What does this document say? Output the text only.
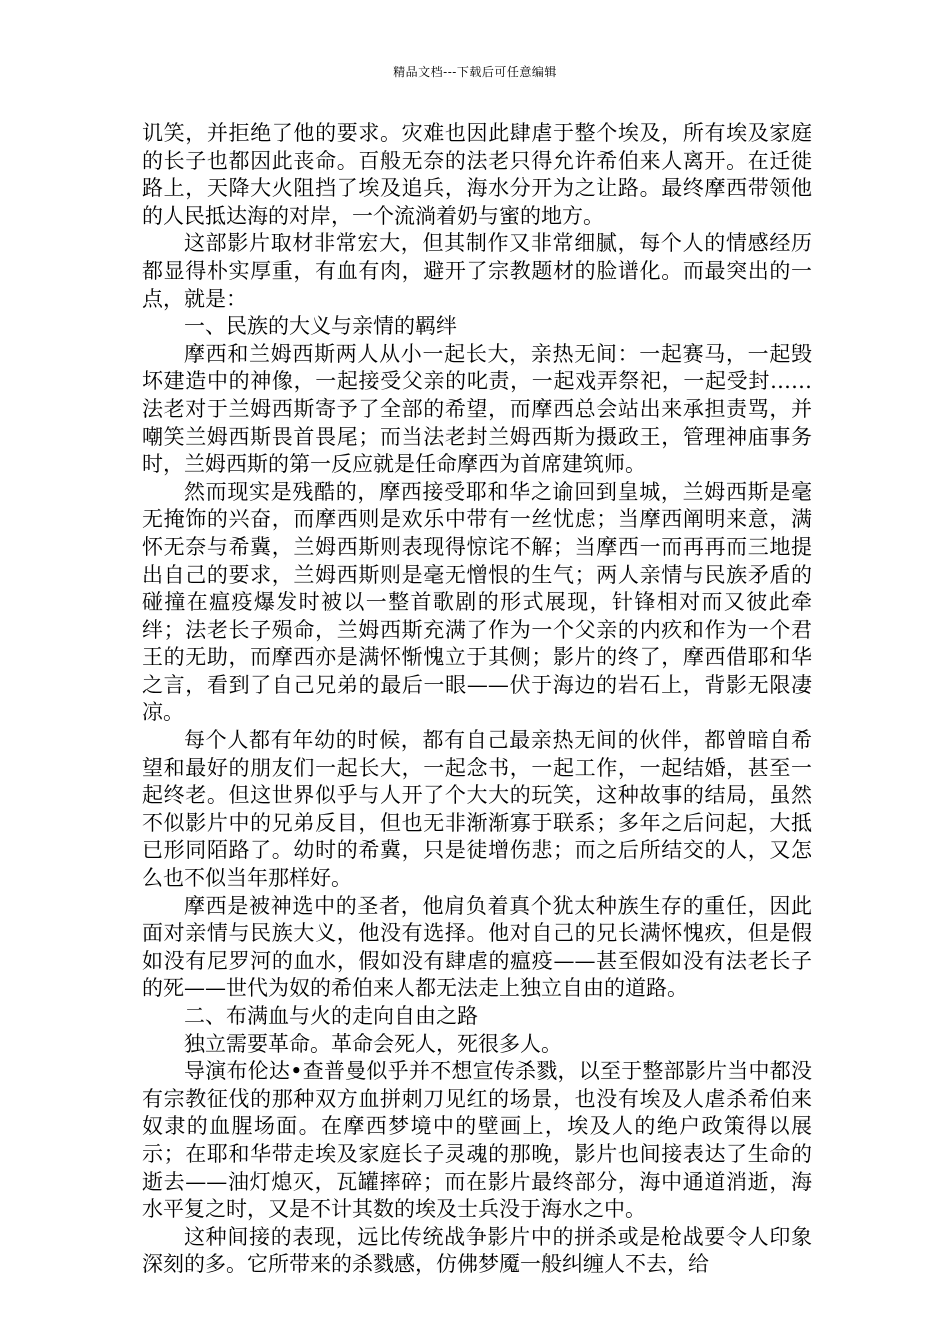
精品文档---下载后可任意编辑

讥笑，并拒绝了他的要求。灾难也因此肆虐于整个埃及，所有埃及家庭的长子也都因此丧命。百般无奈的法老只得允许希伯来人离开。在迁徙路上，天降大火阻挡了埃及追兵，海水分开为之让路。最终摩西带领他的人民抵达海的对岸，一个流淌着奶与蜜的地方。

这部影片取材非常宏大，但其制作又非常细腻，每个人的情感经历都显得朴实厚重，有血有肉，避开了宗教题材的脸谱化。而最突出的一点，就是：

一、民族的大义与亲情的羁绊

摩西和兰姆西斯两人从小一起长大，亲热无间：一起赛马，一起毁坏建造中的神像，一起接受父亲的叱责，一起戏弄祭祀，一起受封……法老对于兰姆西斯寄予了全部的希望，而摩西总会站出来承担责骂，并嘲笑兰姆西斯畏首畏尾；而当法老封兰姆西斯为摄政王，管理神庙事务时，兰姆西斯的第一反应就是任命摩西为首席建筑师。

然而现实是残酷的，摩西接受耶和华之谕回到皇城，兰姆西斯是毫无掩饰的兴奋，而摩西则是欢乐中带有一丝忧虑；当摩西阐明来意，满怀无奈与希冀，兰姆西斯则表现得惊诧不解；当摩西一而再再而三地提出自己的要求，兰姆西斯则是毫无憎恨的生气；两人亲情与民族矛盾的碰撞在瘟疫爆发时被以一整首歌剧的形式展现，针锋相对而又彼此牵绊；法老长子殒命，兰姆西斯充满了作为一个父亲的内疚和作为一个君王的无助，而摩西亦是满怀惭愧立于其侧；影片的终了，摩西借耶和华之言，看到了自己兄弟的最后一眼——伏于海边的岩石上，背影无限凄凉。

每个人都有年幼的时候，都有自己最亲热无间的伙伴，都曾暗自希望和最好的朋友们一起长大，一起念书，一起工作，一起结婚，甚至一起终老。但这世界似乎与人开了个大大的玩笑，这种故事的结局，虽然不似影片中的兄弟反目，但也无非渐渐寡于联系；多年之后问起，大抵已形同陌路了。幼时的希冀，只是徒增伤悲；而之后所结交的人，又怎么也不似当年那样好。

摩西是被神选中的圣者，他肩负着真个犹太种族生存的重任，因此面对亲情与民族大义，他没有选择。他对自己的兄长满怀愧疚，但是假如没有尼罗河的血水，假如没有肆虐的瘟疫——甚至假如没有法老长子的死——世代为奴的希伯来人都无法走上独立自由的道路。

二、布满血与火的走向自由之路

独立需要革命。革命会死人，死很多人。

导演布伦达•查普曼似乎并不想宣传杀戮，以至于整部影片当中都没有宗教征伐的那种双方血拼刺刀见红的场景，也没有埃及人虐杀希伯来奴隶的血腥场面。在摩西梦境中的壁画上，埃及人的绝户政策得以展示；在耶和华带走埃及家庭长子灵魂的那晚，影片也间接表达了生命的逝去——油灯熄灭，瓦罐摔碎；而在影片最终部分，海中通道消逝，海水平复之时，又是不计其数的埃及士兵没于海水之中。

这种间接的表现，远比传统战争影片中的拼杀或是枪战要令人印象深刻的多。它所带来的杀戮感，仿佛梦魇一般纠缠人不去，给
